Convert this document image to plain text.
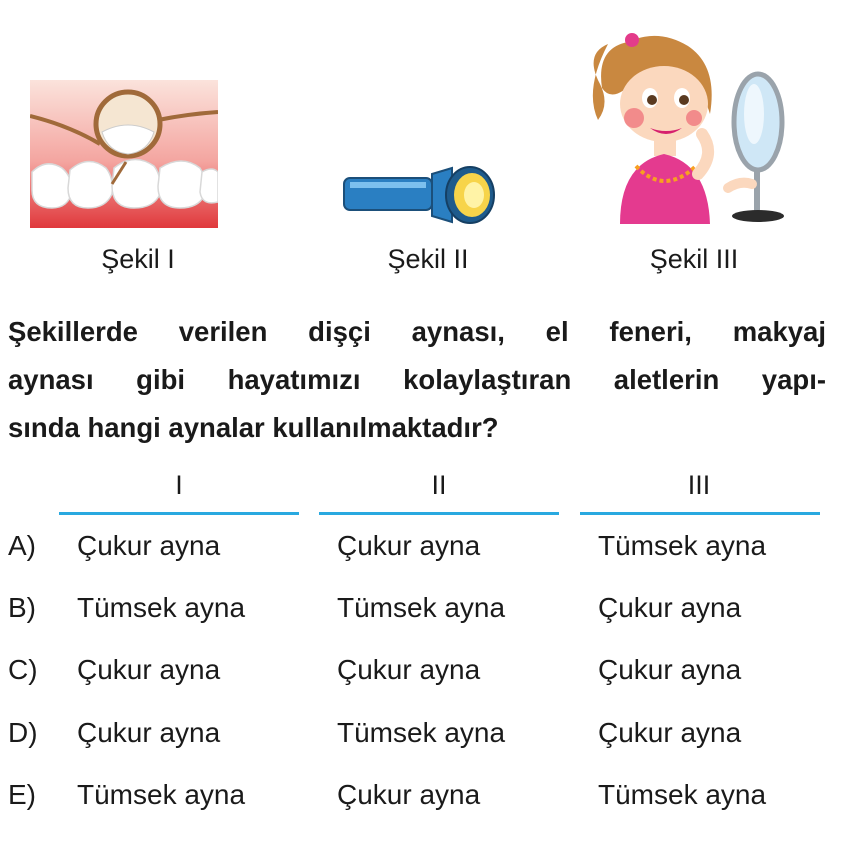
Şekil I	Şekil II	Şekil III
Şekillerde verilen dişçi aynası, el feneri, makyaj
aynası gibi hayatımızı kolaylaştıran aletlerin yapı-
sında hangi aynalar kullanılmaktadır?
I	II	III
A) Çukur ayna	Çukur ayna	Tümsek ayna
B) Tümsek ayna	Tümsek ayna	Çukur ayna
C) Çukur ayna	Çukur ayna	Çukur ayna
D) Çukur ayna	Tümsek ayna	Çukur ayna
E) Tümsek ayna	Çukur ayna	Tümsek ayna
